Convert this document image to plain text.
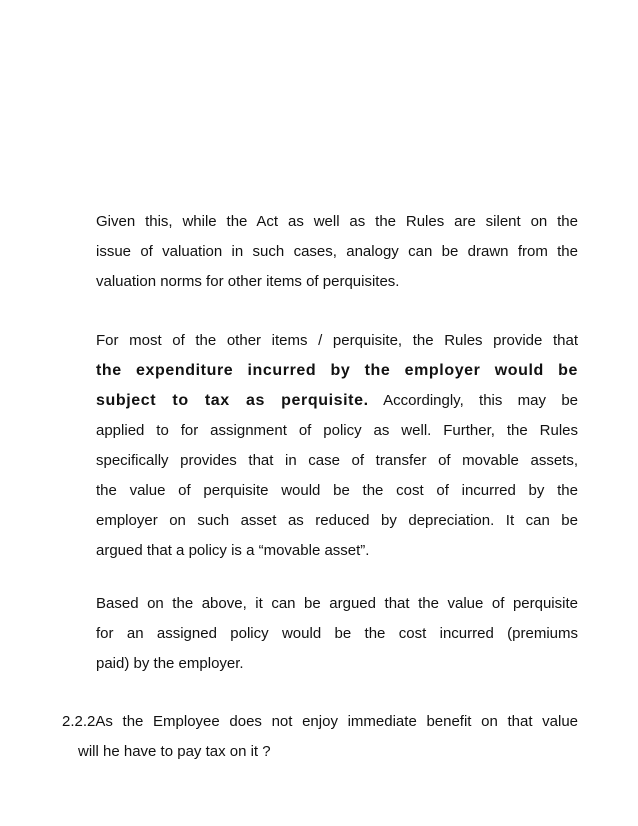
Given this, while the Act as well as the Rules are silent on the
issue of valuation in such cases, analogy can be drawn from the
valuation norms for other items of perquisites.
For most of the other items / perquisite, the Rules provide that
the expenditure incurred by the employer would be
subject to tax as perquisite. Accordingly, this may be
applied to for assignment of policy as well. Further, the Rules
specifically provides that in case of transfer of movable assets,
the value of perquisite would be the cost of incurred by the
employer on such asset as reduced by depreciation. It can be
argued that a policy is a “movable asset”.
Based on the above, it can be argued that the value of perquisite
for an assigned policy would be the cost incurred (premiums
paid) by the employer.
2.2.2As the Employee does not enjoy immediate benefit on that value
will he have to pay tax on it ?
